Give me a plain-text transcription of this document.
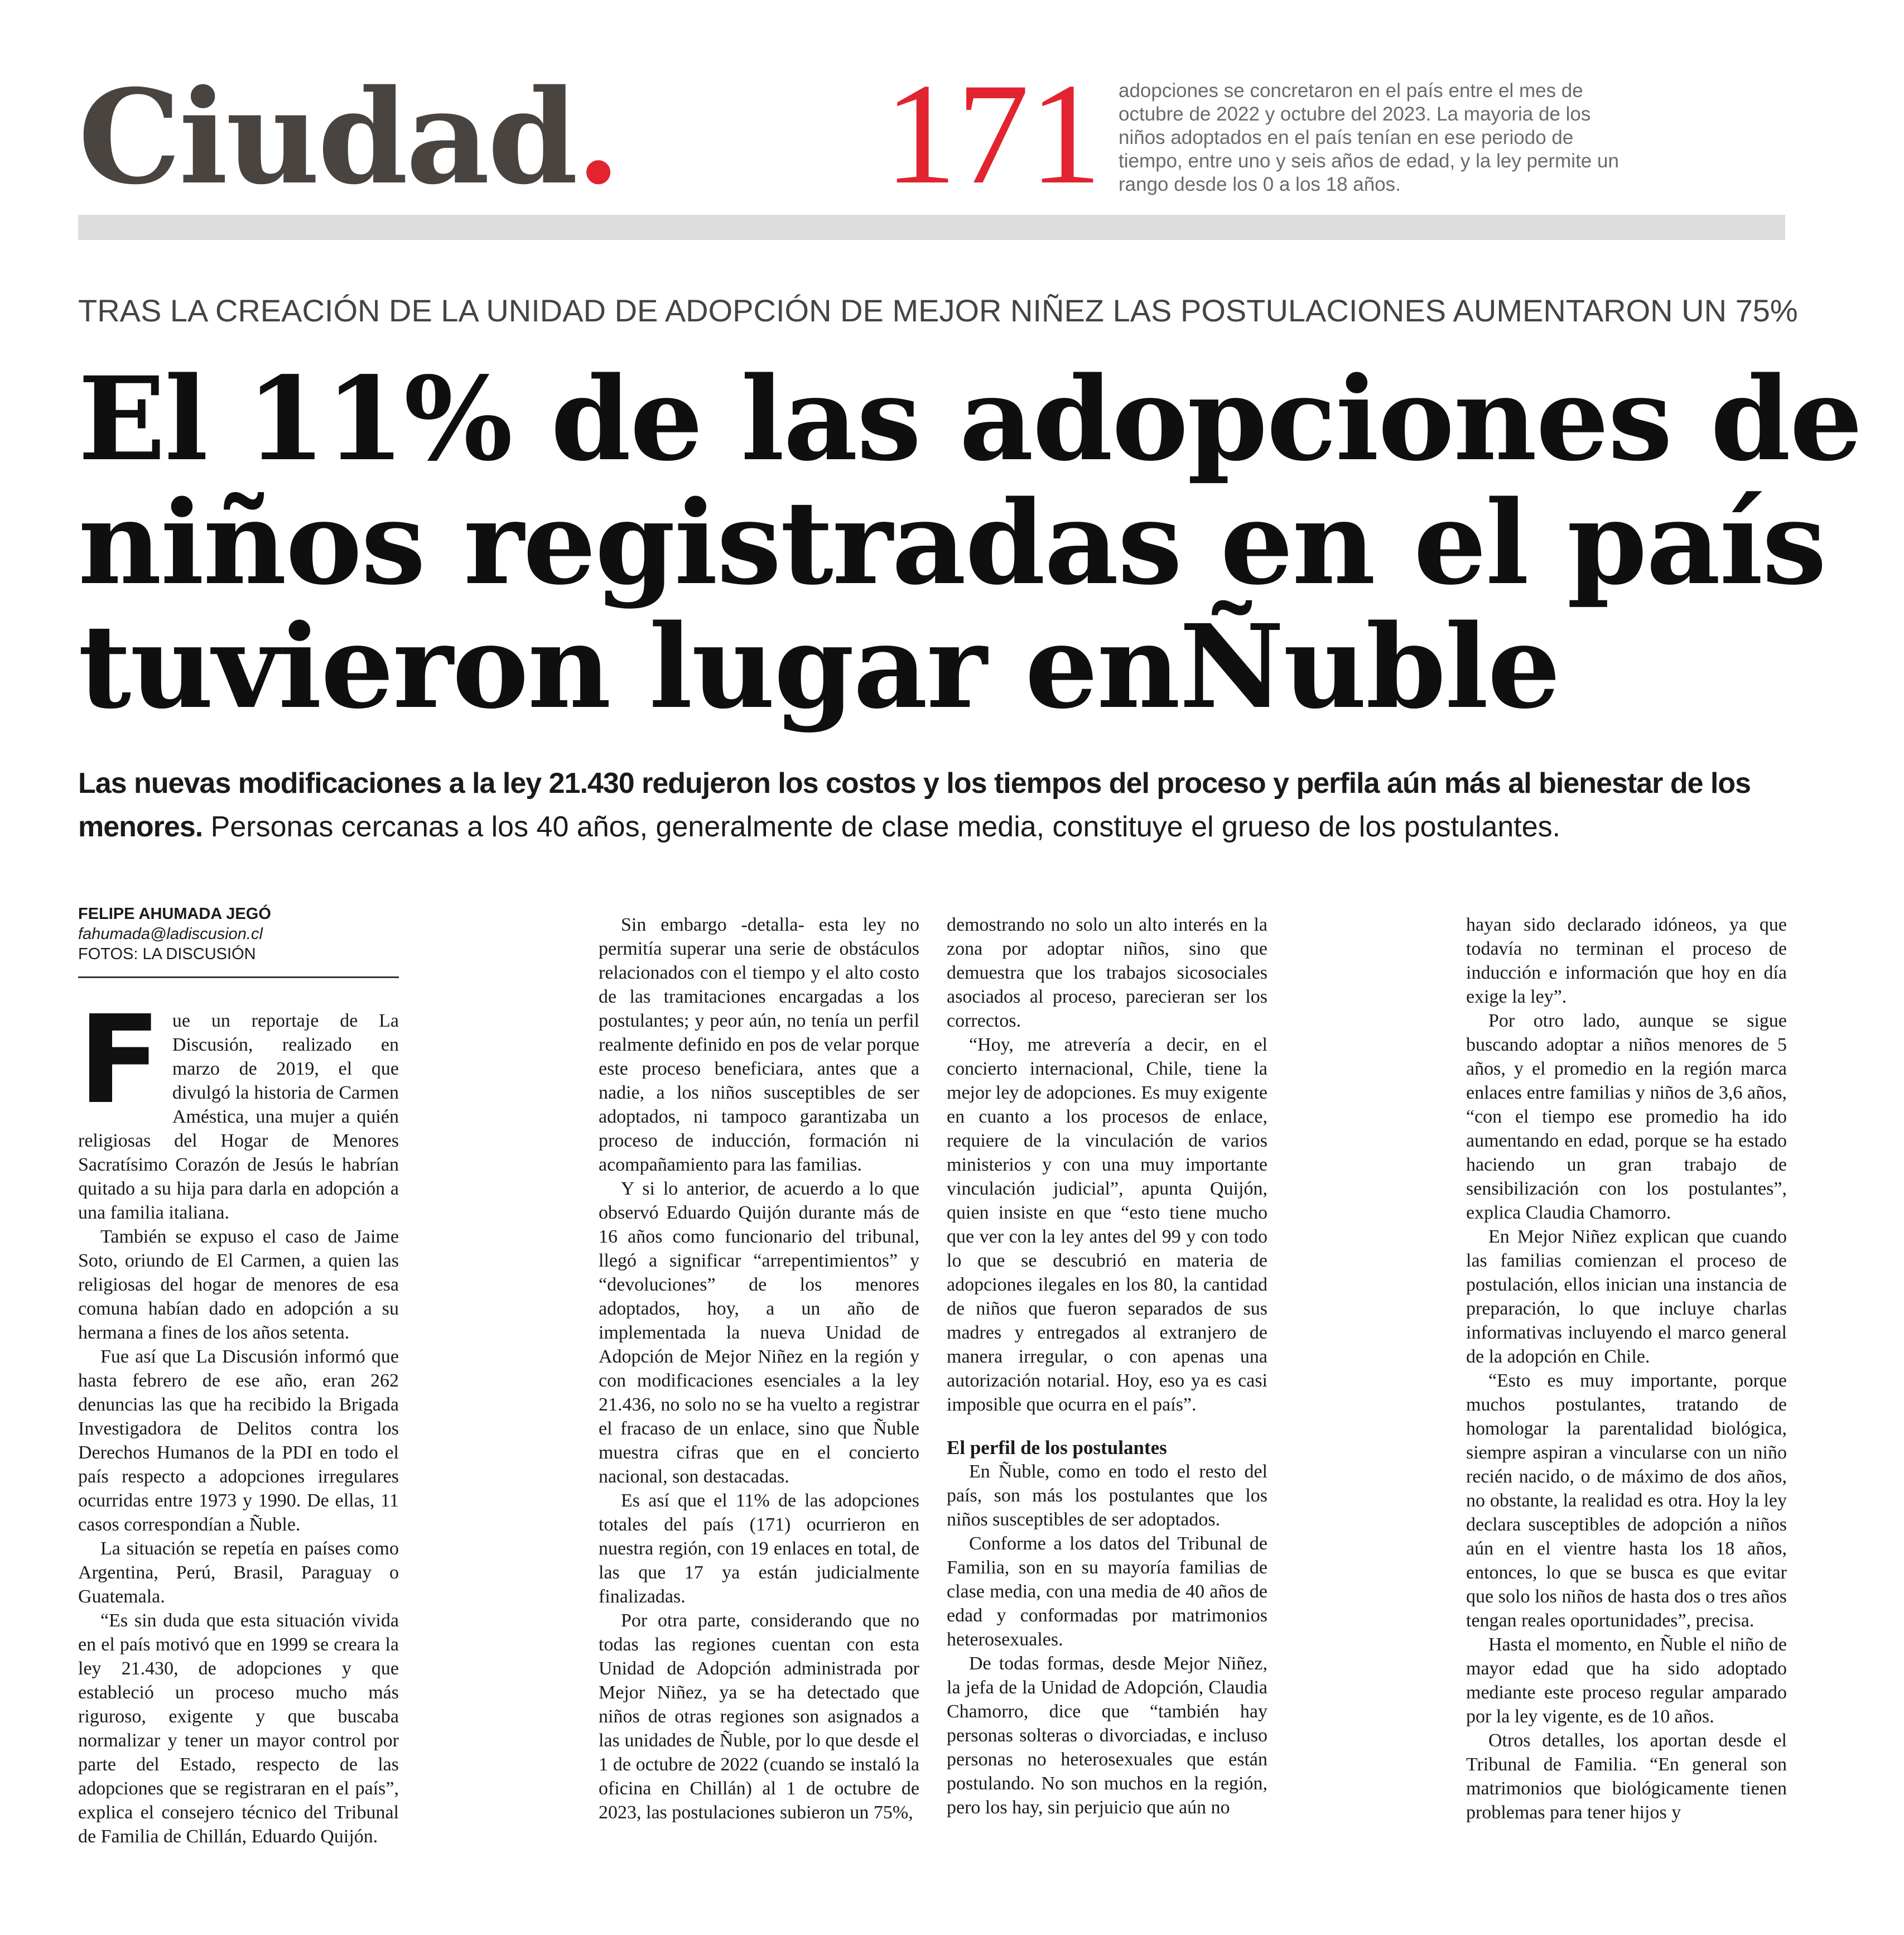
Ciudad. 171 adopciones se concretaron en el país entre el mes de octubre de 2022 y octubre del 2023. La mayoria de los niños adoptados en el país tenían en ese periodo de tiempo, entre uno y seis años de edad, y la ley permite un rango desde los 0 a los 18 años.
TRAS LA CREACIÓN DE LA UNIDAD DE ADOPCIÓN DE MEJOR NIÑEZ LAS POSTULACIONES AUMENTARON UN 75%
El 11% de las adopciones de niños registradas en el país tuvieron lugar enÑuble
Las nuevas modificaciones a la ley 21.430 redujeron los costos y los tiempos del proceso y perfila aún más al bienestar de los menores. Personas cercanas a los 40 años, generalmente de clase media, constituye el grueso de los postulantes.
FELIPE AHUMADA JEGÓ
fahumada@ladiscusion.cl
FOTOS: LA DISCUSIÓN
F ue un reportaje de La Discusión, realizado en marzo de 2019, el que divulgó la historia de Carmen Améstica, una mujer a quién religiosas del Hogar de Menores Sacratísimo Corazón de Jesús le habrían quitado a su hija para darla en adopción a una familia italiana.

También se expuso el caso de Jaime Soto, oriundo de El Carmen, a quien las religiosas del hogar de menores de esa comuna habían dado en adopción a su hermana a fines de los años setenta.

Fue así que La Discusión informó que hasta febrero de ese año, eran 262 denuncias las que ha recibido la Brigada Investigadora de Delitos contra los Derechos Humanos de la PDI en todo el país respecto a adopciones irregulares ocurridas entre 1973 y 1990. De ellas, 11 casos correspondían a Ñuble.

La situación se repetía en países como Argentina, Perú, Brasil, Paraguay o Guatemala.

“Es sin duda que esta situación vivida en el país motivó que en 1999 se creara la ley 21.430, de adopciones y que estableció un proceso mucho más riguroso, exigente y que buscaba normalizar y tener un mayor control por parte del Estado, respecto de las adopciones que se registraran en el país”, explica el consejero técnico del Tribunal de Familia de Chillán, Eduardo Quijón.

Sin embargo -detalla- esta ley no permitía superar una serie de obstáculos relacionados con el tiempo y el alto costo de las tramitaciones encargadas a los postulantes; y peor aún, no tenía un perfil realmente definido en pos de velar porque este proceso beneficiara, antes que a nadie, a los niños susceptibles de ser adoptados, ni tampoco garantizaba un proceso de inducción, formación ni acompañamiento para las familias.

Y si lo anterior, de acuerdo a lo que observó Eduardo Quijón durante más de 16 años como funcionario del tribunal, llegó a significar “arrepentimientos” y “devoluciones” de los menores adoptados, hoy, a un año de implementada la nueva Unidad de Adopción de Mejor Niñez en la región y con modificaciones esenciales a la ley 21.436, no solo no se ha vuelto a registrar el fracaso de un enlace, sino que Ñuble muestra cifras que en el concierto nacional, son destacadas.

Es así que el 11% de las adopciones totales del país (171) ocurrieron en nuestra región, con 19 enlaces en total, de las que 17 ya están judicialmente finalizadas.

Por otra parte, considerando que no todas las regiones cuentan con esta Unidad de Adopción administrada por Mejor Niñez, ya se ha detectado que niños de otras regiones son asignados a las unidades de Ñuble, por lo que desde el 1 de octubre de 2022 (cuando se instaló la oficina en Chillán) al 1 de octubre de 2023, las postulaciones subieron un 75%,

demostrando no solo un alto interés en la zona por adoptar niños, sino que demuestra que los trabajos sicosociales asociados al proceso, parecieran ser los correctos.

“Hoy, me atrevería a decir, en el concierto internacional, Chile, tiene la mejor ley de adopciones. Es muy exigente en cuanto a los procesos de enlace, requiere de la vinculación de varios ministerios y con una muy importante vinculación judicial”, apunta Quijón, quien insiste en que “esto tiene mucho que ver con la ley antes del 99 y con todo lo que se descubrió en materia de adopciones ilegales en los 80, la cantidad de niños que fueron separados de sus madres y entregados al extranjero de manera irregular, o con apenas una autorización notarial. Hoy, eso ya es casi imposible que ocurra en el país”.

El perfil de los postulantes

En Ñuble, como en todo el resto del país, son más los postulantes que los niños susceptibles de ser adoptados.

Conforme a los datos del Tribunal de Familia, son en su mayoría familias de clase media, con una media de 40 años de edad y conformadas por matrimonios heterosexuales.

De todas formas, desde Mejor Niñez, la jefa de la Unidad de Adopción, Claudia Chamorro, dice que “también hay personas solteras o divorciadas, e incluso personas no heterosexuales que están postulando. No son muchos en la región, pero los hay, sin perjuicio que aún no

hayan sido declarado idóneos, ya que todavía no terminan el proceso de inducción e información que hoy en día exige la ley”.

Por otro lado, aunque se sigue buscando adoptar a niños menores de 5 años, y el promedio en la región marca enlaces entre familias y niños de 3,6 años, “con el tiempo ese promedio ha ido aumentando en edad, porque se ha estado haciendo un gran trabajo de sensibilización con los postulantes”, explica Claudia Chamorro.

En Mejor Niñez explican que cuando las familias comienzan el proceso de postulación, ellos inician una instancia de preparación, lo que incluye charlas informativas incluyendo el marco general de la adopción en Chile.

“Esto es muy importante, porque muchos postulantes, tratando de homologar la parentalidad biológica, siempre aspiran a vincularse con un niño recién nacido, o de máximo de dos años, no obstante, la realidad es otra. Hoy la ley declara susceptibles de adopción a niños aún en el vientre hasta los 18 años, entonces, lo que se busca es que evitar que solo los niños de hasta dos o tres años tengan reales oportunidades”, precisa.

Hasta el momento, en Ñuble el niño de mayor edad que ha sido adoptado mediante este proceso regular amparado por la ley vigente, es de 10 años.

Otros detalles, los aportan desde el Tribunal de Familia. “En general son matrimonios que biológicamente tienen problemas para tener hijos y
